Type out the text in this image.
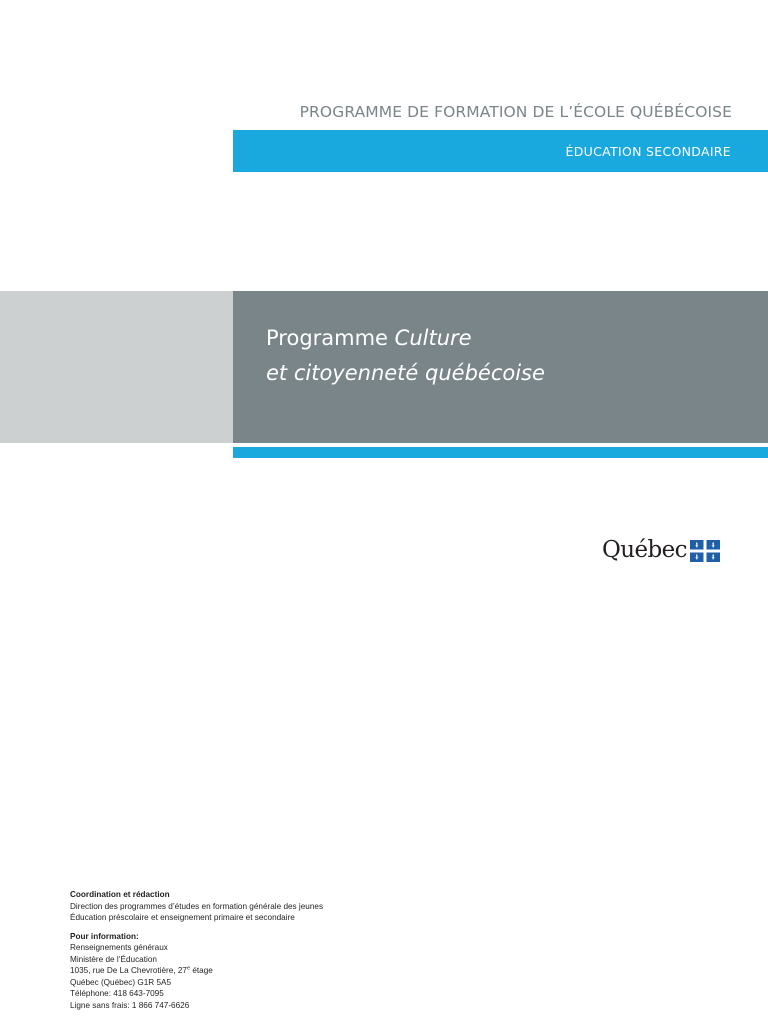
PROGRAMME DE FORMATION DE L’ÉCOLE QUÉBÉCOISE
ÉDUCATION SECONDAIRE
Programme Culture
et citoyenneté québécoise
Québec
Coordination et rédaction
Direction des programmes d’études en formation générale des jeunes
Éducation préscolaire et enseignement primaire et secondaire
Pour information:
Renseignements généraux
Ministère de l’Éducation
1035, rue De La Chevrotière, 27e étage
Québec (Québec) G1R 5A5
Téléphone: 418 643-7095
Ligne sans frais: 1 866 747-6626
